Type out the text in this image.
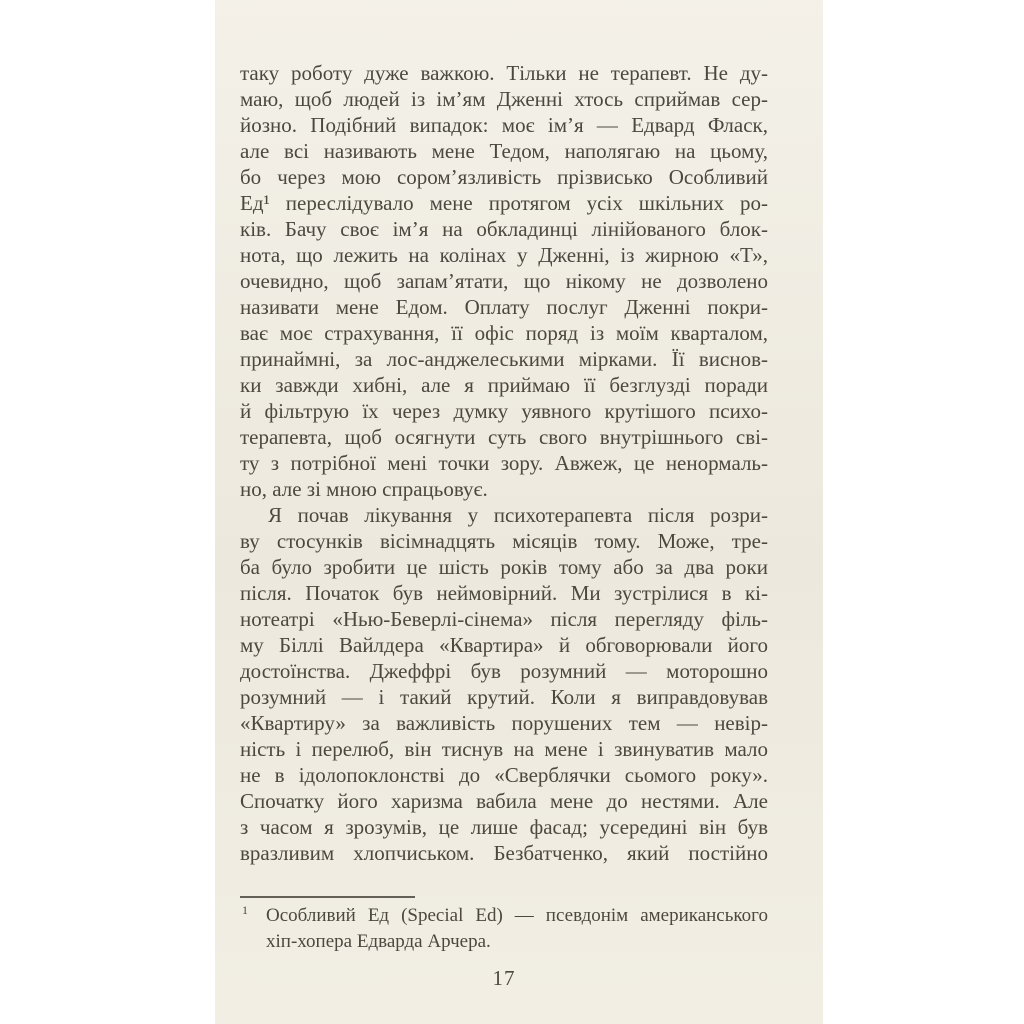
таку роботу дуже важкою. Тільки не терапевт. Не ду-
маю, щоб людей із ім’ям Дженні хтось сприймав сер-
йозно. Подібний випадок: моє ім’я — Едвард Фласк,
але всі називають мене Тедом, наполягаю на цьому,
бо через мою сором’язливість прізвисько Особливий
Ед¹ переслідувало мене протягом усіх шкільних ро-
ків. Бачу своє ім’я на обкладинці лінійованого блок-
нота, що лежить на колінах у Дженні, із жирною «Т»,
очевидно, щоб запам’ятати, що нікому не дозволено
називати мене Едом. Оплату послуг Дженні покри-
ває моє страхування, її офіс поряд із моїм кварталом,
принаймні, за лос-анджелеськими мірками. Її виснов-
ки завжди хибні, але я приймаю її безглузді поради
й фільтрую їх через думку уявного крутішого психо-
терапевта, щоб осягнути суть свого внутрішнього сві-
ту з потрібної мені точки зору. Авжеж, це ненормаль-
но, але зі мною спрацьовує.
Я почав лікування у психотерапевта після розри-
ву стосунків вісімнадцять місяців тому. Може, тре-
ба було зробити це шість років тому або за два роки
після. Початок був неймовірний. Ми зустрілися в кі-
нотеатрі «Нью-Беверлі-сінема» після перегляду філь-
му Біллі Вайлдера «Квартира» й обговорювали його
достоїнства. Джеффрі був розумний — моторошно
розумний — і такий крутий. Коли я виправдовував
«Квартиру» за важливість порушених тем — невір-
ність і перелюб, він тиснув на мене і звинуватив мало
не в ідолопоклонстві до «Сверблячки сьомого року».
Спочатку його харизма вабила мене до нестями. Але
з часом я зрозумів, це лише фасад; усередині він був
вразливим хлопчиськом. Безбатченко, який постійно
1 Особливий Ед (Special Ed) — псевдонім американського
хіп-хопера Едварда Арчера.
17
